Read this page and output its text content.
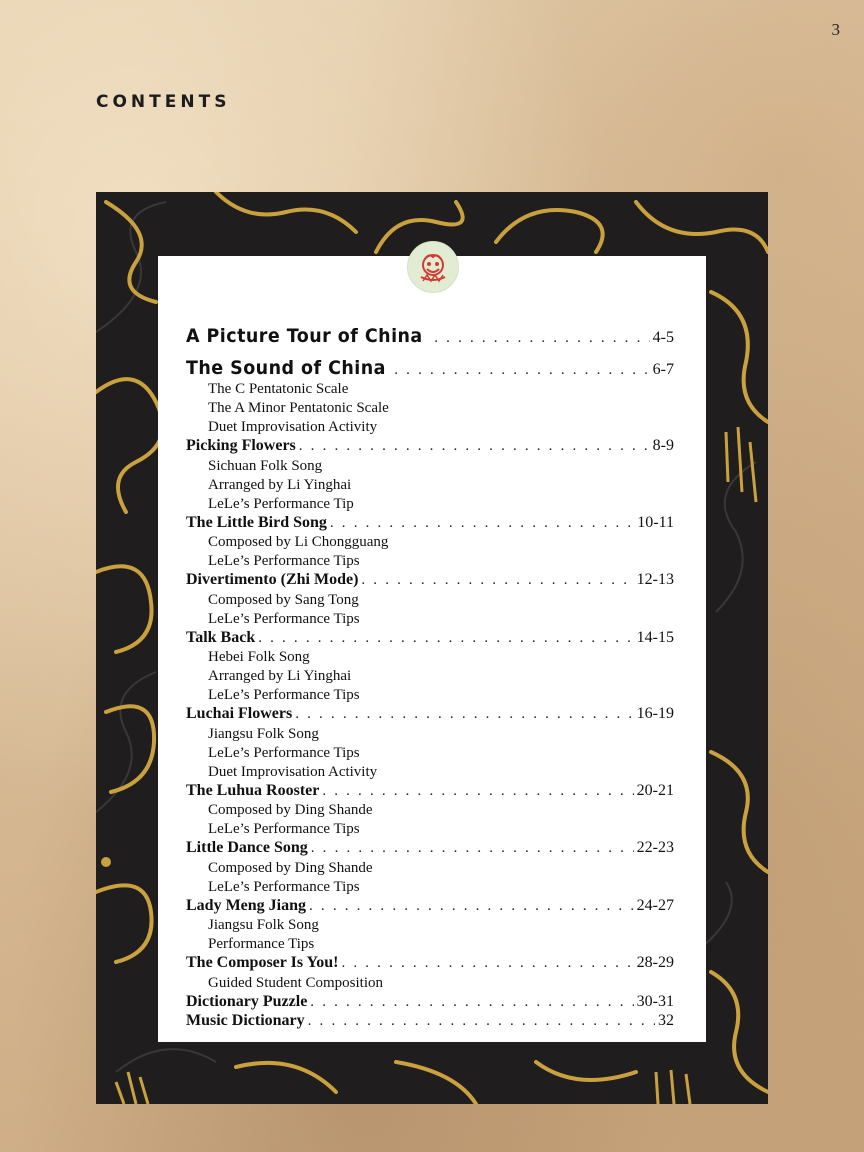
3
CONTENTS
A Picture Tour of China . . .	4-5
The Sound of China . . .	6-7
The C Pentatonic Scale
The A Minor Pentatonic Scale
Duet Improvisation Activity
Picking Flowers . . .	8-9
Sichuan Folk Song
Arranged by Li Yinghai
LeLe’s Performance Tip
The Little Bird Song . . .	10-11
Composed by Li Chongguang
LeLe’s Performance Tips
Divertimento (Zhi Mode) . . .	12-13
Composed by Sang Tong
LeLe’s Performance Tips
Talk Back . . .	14-15
Hebei Folk Song
Arranged by Li Yinghai
LeLe’s Performance Tips
Luchai Flowers . . .	16-19
Jiangsu Folk Song
LeLe’s Performance Tips
Duet Improvisation Activity
The Luhua Rooster . . .	20-21
Composed by Ding Shande
LeLe’s Performance Tips
Little Dance Song . . .	22-23
Composed by Ding Shande
LeLe’s Performance Tips
Lady Meng Jiang . . .	24-27
Jiangsu Folk Song
Performance Tips
The Composer Is You! . . .	28-29
Guided Student Composition
Dictionary Puzzle . . .	30-31
Music Dictionary . . .	32
